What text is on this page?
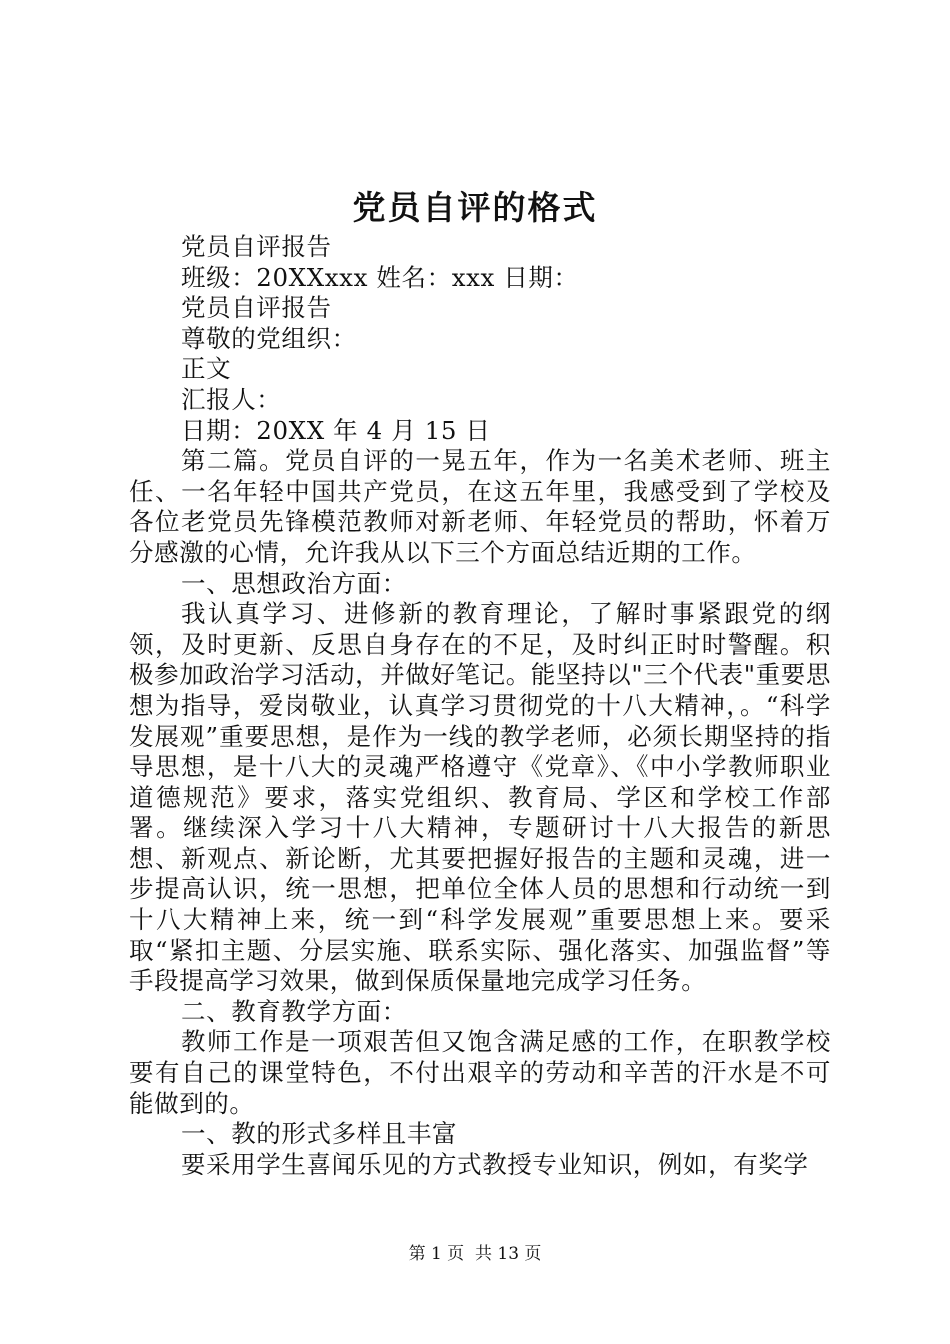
党员自评的格式

党员自评报告

班级：20XXxxx 姓名：xxx 日期：

党员自评报告

尊敬的党组织：

正文

汇报人：

日期：20XX 年 4 月 15 日

第二篇。党员自评的一晃五年，作为一名美术老师、班主任、一名年轻中国共产党员，在这五年里，我感受到了学校及各位老党员先锋模范教师对新老师、年轻党员的帮助，怀着万分感激的心情，允许我从以下三个方面总结近期的工作。

一、思想政治方面：

我认真学习、进修新的教育理论，了解时事紧跟党的纲领，及时更新、反思自身存在的不足，及时纠正时时警醒。积极参加政治学习活动，并做好笔记。能坚持以"三个代表"重要思想为指导，爱岗敬业，认真学习贯彻党的十八大精神，。“科学发展观”重要思想，是作为一线的教学老师，必须长期坚持的指导思想，是十八大的灵魂严格遵守《党章》、《中小学教师职业道德规范》要求，落实党组织、教育局、学区和学校工作部署。继续深入学习十八大精神，专题研讨十八大报告的新思想、新观点、新论断，尤其要把握好报告的主题和灵魂，进一步提高认识，统一思想，把单位全体人员的思想和行动统一到十八大精神上来，统一到“科学发展观”重要思想上来。要采取“紧扣主题、分层实施、联系实际、强化落实、加强监督”等手段提高学习效果，做到保质保量地完成学习任务。

二、教育教学方面：

教师工作是一项艰苦但又饱含满足感的工作，在职教学校要有自己的课堂特色，不付出艰辛的劳动和辛苦的汗水是不可能做到的。

一、教的形式多样且丰富

要采用学生喜闻乐见的方式教授专业知识，例如，有奖学

第 1 页  共 13 页
